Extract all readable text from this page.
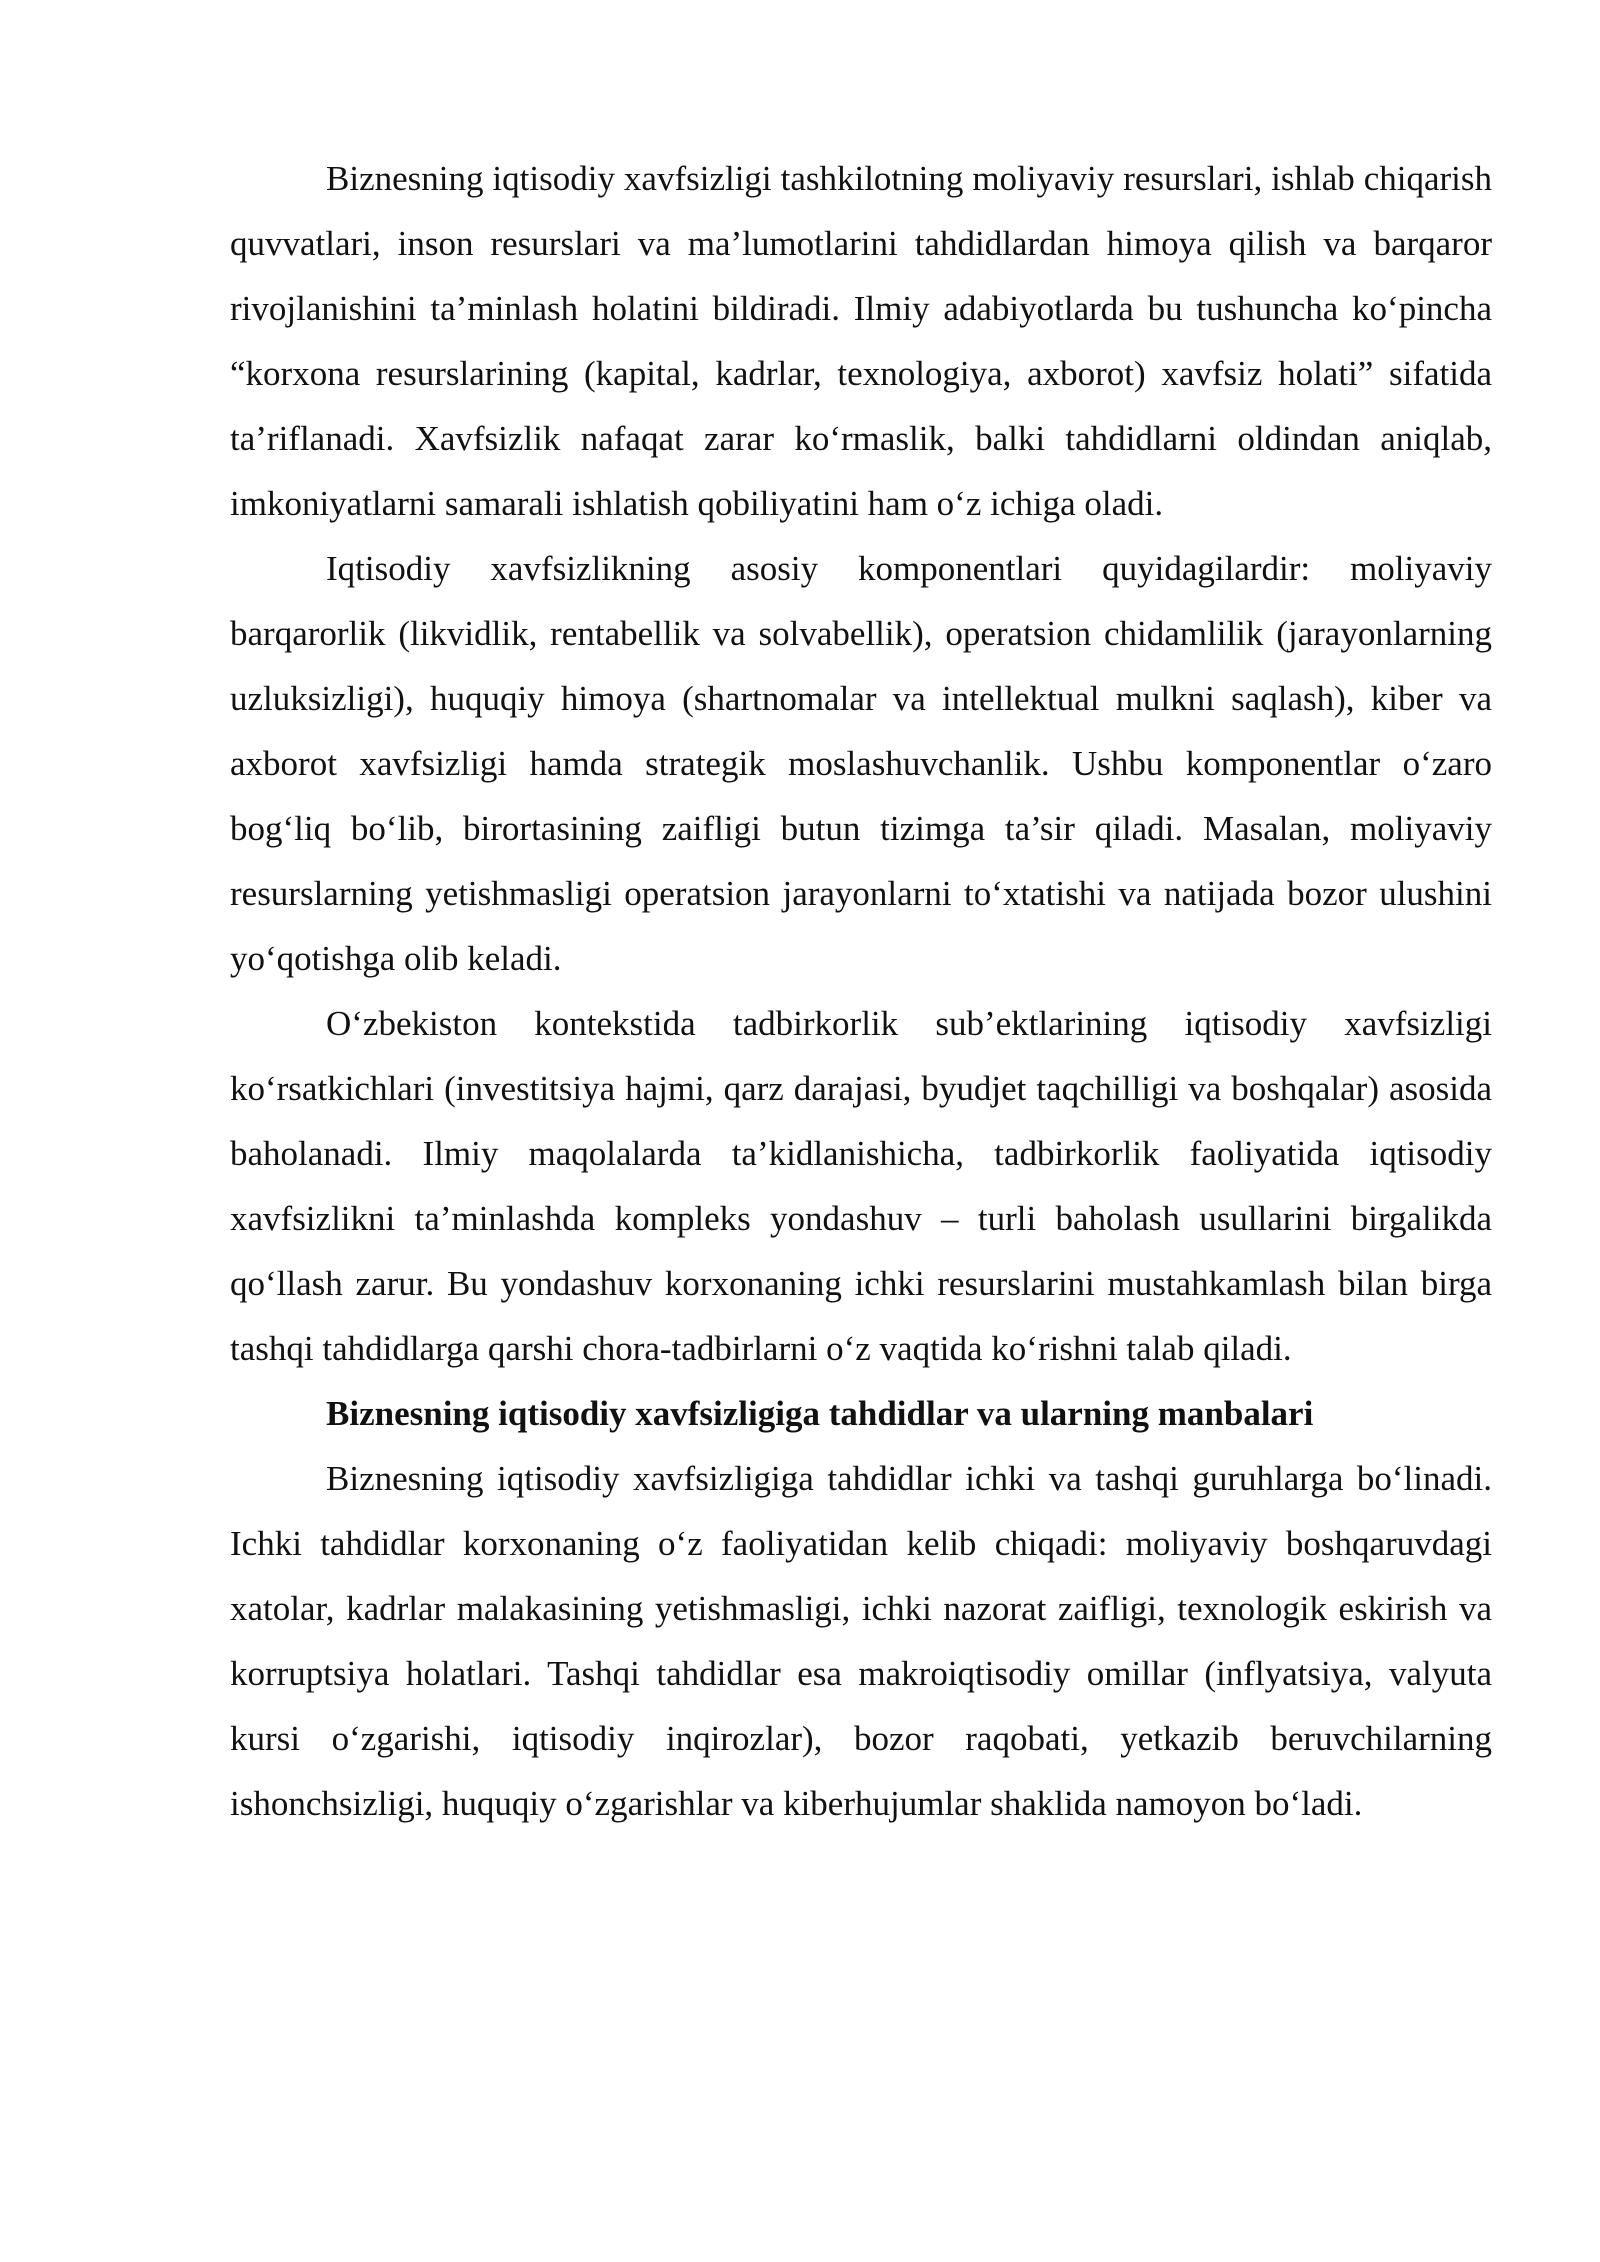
Biznesning iqtisodiy xavfsizligi tashkilotning moliyaviy resurslari, ishlab chiqarish quvvatlari, inson resurslari va ma’lumotlarini tahdidlardan himoya qilish va barqaror rivojlanishini ta’minlash holatini bildiradi. Ilmiy adabiyotlarda bu tushuncha ko‘pincha “korxona resurslarining (kapital, kadrlar, texnologiya, axborot) xavfsiz holati” sifatida ta’riflanadi. Xavfsizlik nafaqat zarar ko‘rmaslik, balki tahdidlarni oldindan aniqlab, imkoniyatlarni samarali ishlatish qobiliyatini ham o‘z ichiga oladi.

Iqtisodiy xavfsizlikning asosiy komponentlari quyidagilardir: moliyaviy barqarorlik (likvidlik, rentabellik va solvabellik), operatsion chidamlilik (jarayonlarning uzluksizligi), huquqiy himoya (shartnomalar va intellektual mulkni saqlash), kiber va axborot xavfsizligi hamda strategik moslashuvchanlik. Ushbu komponentlar o‘zaro bog‘liq bo‘lib, birortasining zaifligi butun tizimga ta’sir qiladi. Masalan, moliyaviy resurslarning yetishmasligi operatsion jarayonlarni to‘xtatishi va natijada bozor ulushini yo‘qotishga olib keladi.

O‘zbekiston kontekstida tadbirkorlik sub’ektlarining iqtisodiy xavfsizligi ko‘rsatkichlari (investitsiya hajmi, qarz darajasi, byudjet taqchilligi va boshqalar) asosida baholanadi. Ilmiy maqolalarda ta’kidlanishicha, tadbirkorlik faoliyatida iqtisodiy xavfsizlikni ta’minlashda kompleks yondashuv – turli baholash usullarini birgalikda qo‘llash zarur. Bu yondashuv korxonaning ichki resurslarini mustahkamlash bilan birga tashqi tahdidlarga qarshi chora-tadbirlarni o‘z vaqtida ko‘rishni talab qiladi.

Biznesning iqtisodiy xavfsizligiga tahdidlar va ularning manbalari

Biznesning iqtisodiy xavfsizligiga tahdidlar ichki va tashqi guruhlarga bo‘linadi. Ichki tahdidlar korxonaning o‘z faoliyatidan kelib chiqadi: moliyaviy boshqaruvdagi xatolar, kadrlar malakasining yetishmasligi, ichki nazorat zaifligi, texnologik eskirish va korruptsiya holatlari. Tashqi tahdidlar esa makroiqtisodiy omillar (inflyatsiya, valyuta kursi o‘zgarishi, iqtisodiy inqirozlar), bozor raqobati, yetkazib beruvchilarning ishonchsizligi, huquqiy o‘zgarishlar va kiberhujumlar shaklida namoyon bo‘ladi.
